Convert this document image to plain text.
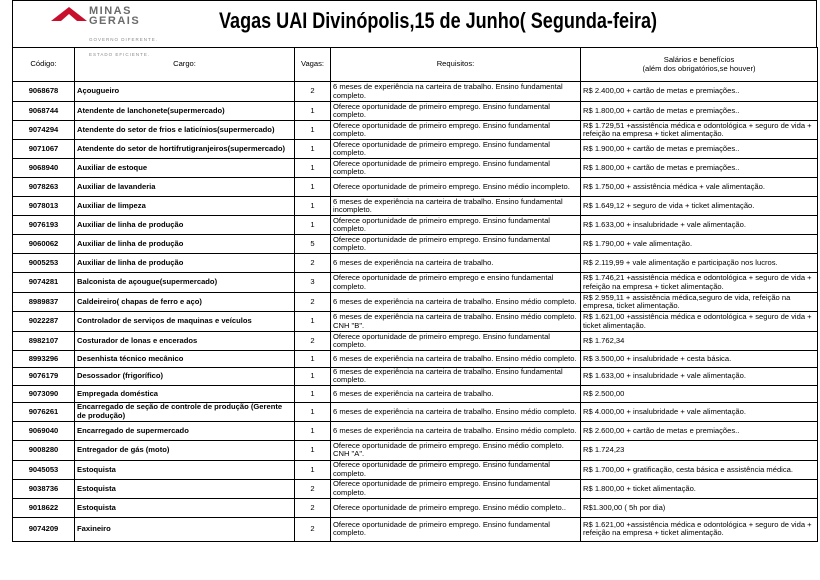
MINAS
GERAIS

GOVERNO DIFERENTE.

ESTADO EFICIENTE.

Vagas UAI Divinópolis,15 de Junho( Segunda-feira)
Código:	Cargo:	Vagas:	Requisitos:	Salários e benefícios
(além dos obrigatórios,se houver)

9068678	Açougueiro	2	6 meses de experiência na carteira de trabalho. Ensino fundamental completo.	R$ 2.400,00 + cartão de metas e premiações..
9068744	Atendente de lanchonete(supermercado)	1	Oferece oportunidade de primeiro emprego. Ensino fundamental completo.	R$ 1.800,00 + cartão de metas e premiações..
9074294	Atendente do setor de frios e laticínios(supermercado)	1	Oferece oportunidade de primeiro emprego. Ensino fundamental completo.	R$ 1.729,51 +assistência médica e odontológica + seguro de vida + refeição na empresa + ticket alimentação.
9071067	Atendente do setor de hortifrutigranjeiros(supermercado)	1	Oferece oportunidade de primeiro emprego. Ensino fundamental completo.	R$ 1.900,00 + cartão de metas e premiações..
9068940	Auxiliar de estoque	1	Oferece oportunidade de primeiro emprego. Ensino fundamental completo.	R$ 1.800,00 + cartão de metas e premiações..
9078263	Auxiliar de lavanderia	1	Oferece oportunidade de primeiro emprego. Ensino médio incompleto.	R$ 1.750,00 + assistência médica + vale alimentação.
9078013	Auxiliar de limpeza	1	6 meses de experiência na carteira de trabalho. Ensino fundamental incompleto.	R$ 1.649,12 + seguro de vida + ticket alimentação.
9076193	Auxiliar de linha de produção	1	Oferece oportunidade de primeiro emprego. Ensino fundamental completo.	R$ 1.633,00 + insalubridade + vale alimentação.
9060062	Auxiliar de linha de produção	5	Oferece oportunidade de primeiro emprego. Ensino fundamental completo.	R$ 1.790,00 + vale alimentação.
9005253	Auxiliar de linha de produção	2	6 meses de experiência na carteira de trabalho.	R$ 2.119,99 + vale alimentação e participação nos lucros.
9074281	Balconista de açougue(supermercado)	3	Oferece oportunidade de primeiro emprego e ensino fundamental completo.	R$ 1.746,21 +assistência médica e odontológica + seguro de vida + refeição na empresa + ticket alimentação.
8989837	Caldeireiro( chapas de ferro e aço)	2	6 meses de experiência na carteira de trabalho. Ensino médio completo.	R$ 2.959,11 + assistência médica,seguro de vida, refeição na empresa, ticket alimentação.
9022287	Controlador de serviços de maquinas e veículos	1	6 meses de experiência na carteira de trabalho. Ensino médio completo. CNH "B".	R$ 1.621,00 +assistência médica e odontológica + seguro de vida + ticket alimentação.
8982107	Costurador de lonas e encerados	2	Oferece oportunidade de primeiro emprego. Ensino fundamental completo.	R$ 1.762,34
8993296	Desenhista técnico mecânico	1	6 meses de experiência na carteira de trabalho. Ensino médio completo.	R$ 3.500,00 + insalubridade + cesta básica.
9076179	Desossador (frigorífico)	1	6 meses de experiência na carteira de trabalho. Ensino fundamental completo.	R$ 1.633,00 + insalubridade + vale alimentação.
9073090	Empregada doméstica	1	6 meses de experiência na carteira de trabalho.	R$ 2.500,00
9076261	Encarregado de seção de controle de produção (Gerente de produção)	1	6 meses de experiência na carteira de trabalho. Ensino médio completo.	R$ 4.000,00 + insalubridade + vale alimentação.
9069040	Encarregado de supermercado	1	6 meses de experiência na carteira de trabalho. Ensino médio completo.	R$ 2.600,00 + cartão de metas e premiações..
9008280	Entregador de gás (moto)	1	Oferece oportunidade de primeiro emprego. Ensino médio completo. CNH "A".	R$ 1.724,23
9045053	Estoquista	1	Oferece oportunidade de primeiro emprego. Ensino fundamental completo.	R$ 1.700,00 + gratificação, cesta básica e assistência médica.
9038736	Estoquista	2	Oferece oportunidade de primeiro emprego. Ensino fundamental completo.	R$ 1.800,00 + ticket alimentação.
9018622	Estoquista	2	Oferece oportunidade de primeiro emprego. Ensino médio completo..	R$1.300,00 ( 5h por dia)
9074209	Faxineiro	2	Oferece oportunidade de primeiro emprego. Ensino fundamental completo.	R$ 1.621,00 +assistência médica e odontológica + seguro de vida + refeição na empresa + ticket alimentação.
